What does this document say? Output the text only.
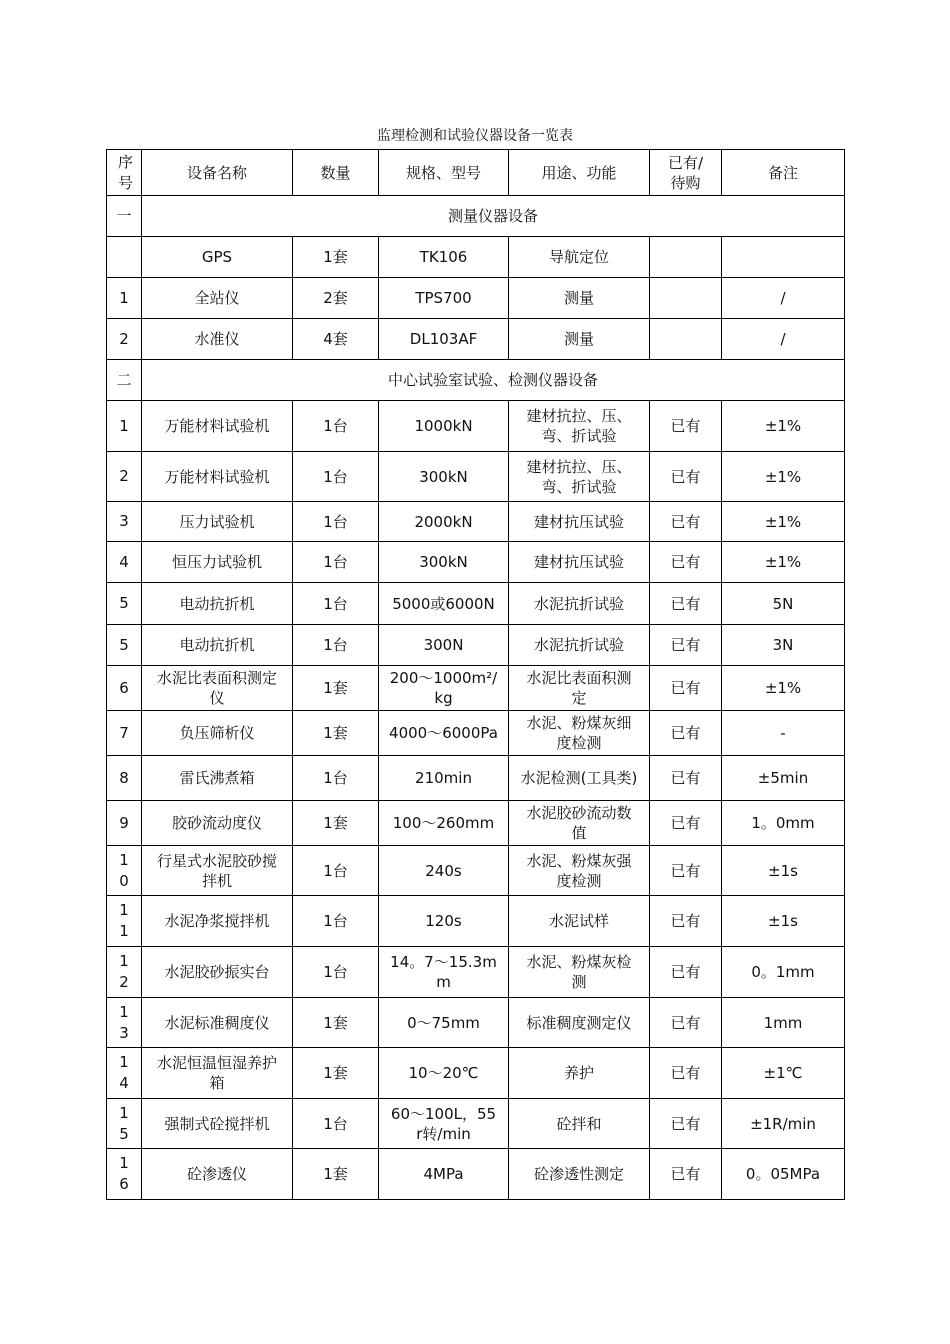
监理检测和试验仪器设备一览表
序号	设备名称	数量	规格、型号	用途、功能	已有/待购	备注
一	测量仪器设备					
	GPS	1套	TK106	导航定位		
1	全站仪	2套	TPS700	测量		/
2	水准仪	4套	DL103AF	测量		/
二	中心试验室试验、检测仪器设备					
1	万能材料试验机	1台	1000kN	建材抗拉、压、弯、折试验	已有	±1%
2	万能材料试验机	1台	300kN	建材抗拉、压、弯、折试验	已有	±1%
3	压力试验机	1台	2000kN	建材抗压试验	已有	±1%
4	恒压力试验机	1台	300kN	建材抗压试验	已有	±1%
5	电动抗折机	1台	5000或6000N	水泥抗折试验	已有	5N
5	电动抗折机	1台	300N	水泥抗折试验	已有	3N
6	水泥比表面积测定仪	1套	200～1000m²/kg	水泥比表面积测定	已有	±1%
7	负压筛析仪	1套	4000～6000Pa	水泥、粉煤灰细度检测	已有	-
8	雷氏沸煮箱	1台	210min	水泥检测(工具类)	已有	±5min
9	胶砂流动度仪	1套	100～260mm	水泥胶砂流动数值	已有	1。0mm
10	行星式水泥胶砂搅拌机	1台	240s	水泥、粉煤灰强度检测	已有	±1s
11	水泥净浆搅拌机	1台	120s	水泥试样	已有	±1s
12	水泥胶砂振实台	1台	14。7～15.3mm	水泥、粉煤灰检测	已有	0。1mm
13	水泥标准稠度仪	1套	0～75mm	标准稠度测定仪	已有	1mm
14	水泥恒温恒湿养护箱	1套	10～20℃	养护	已有	±1℃
15	强制式砼搅拌机	1台	60～100L，55r转/min	砼拌和	已有	±1R/min
16	砼渗透仪	1套	4MPa	砼渗透性测定	已有	0。05MPa
